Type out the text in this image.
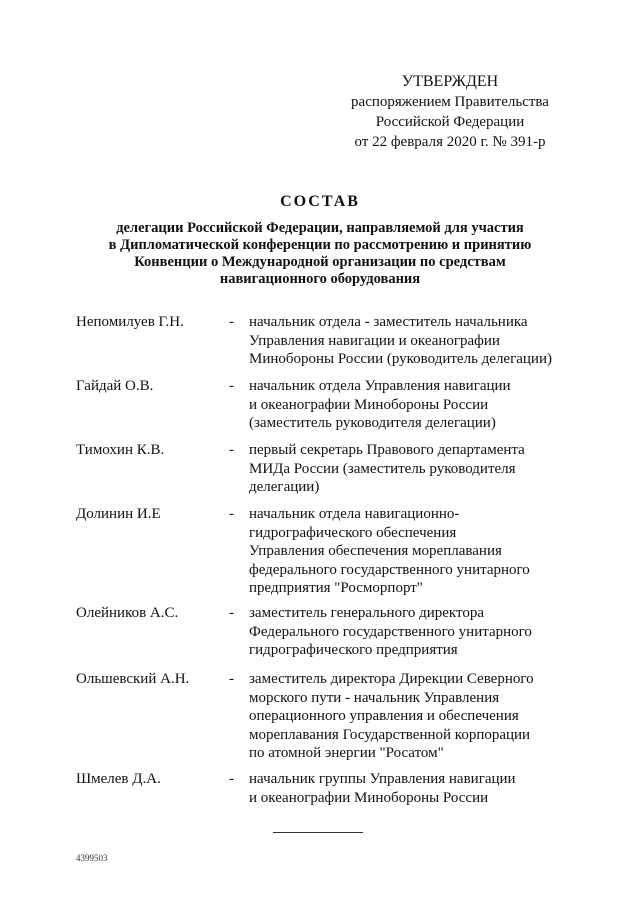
УТВЕРЖДЕН
распоряжением Правительства
Российской Федерации
от 22 февраля 2020 г. № 391-р
СОСТАВ
делегации Российской Федерации, направляемой для участия
в Дипломатической конференции по рассмотрению и принятию
Конвенции о Международной организации по средствам
навигационного оборудования
Непомилуев Г.Н.	- начальник отдела - заместитель начальника
Управления навигации и океанографии
Минобороны России (руководитель делегации)
Гайдай О.В.	- начальник отдела Управления навигации
и океанографии Минобороны России
(заместитель руководителя делегации)
Тимохин К.В.	- первый секретарь Правового департамента
МИДа России (заместитель руководителя
делегации)
Долинин И.Е	- начальник отдела навигационно-
гидрографического обеспечения
Управления обеспечения мореплавания
федерального государственного унитарного
предприятия "Росморпорт"
Олейников А.С.	- заместитель генерального директора
Федерального государственного унитарного
гидрографического предприятия
Ольшевский А.Н.	- заместитель директора Дирекции Северного
морского пути - начальник Управления
операционного управления и обеспечения
мореплавания Государственной корпорации
по атомной энергии "Росатом"
Шмелев Д.А.	- начальник группы Управления навигации
и океанографии Минобороны России
4399503
